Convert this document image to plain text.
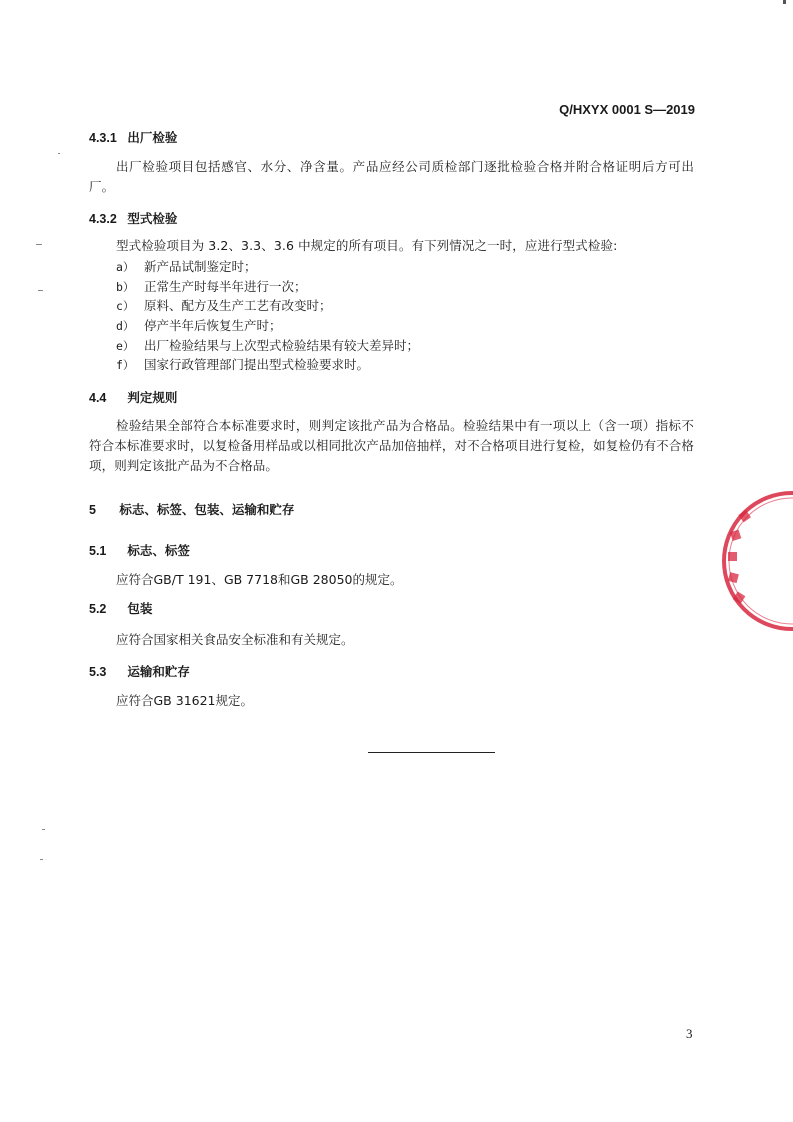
Q/HXYX 0001 S—2019
4.3.1 出厂检验
出厂检验项目包括感官、水分、净含量。产品应经公司质检部门逐批检验合格并附合格证明后方可出厂。
4.3.2 型式检验
型式检验项目为 3.2、3.3、3.6 中规定的所有项目。有下列情况之一时，应进行型式检验:
a） 新产品试制鉴定时；
b） 正常生产时每半年进行一次；
c） 原料、配方及生产工艺有改变时；
d） 停产半年后恢复生产时；
e） 出厂检验结果与上次型式检验结果有较大差异时；
f） 国家行政管理部门提出型式检验要求时。
4.4 判定规则
检验结果全部符合本标准要求时，则判定该批产品为合格品。检验结果中有一项以上（含一项）指标不符合本标准要求时，以复检备用样品或以相同批次产品加倍抽样，对不合格项目进行复检，如复检仍有不合格项，则判定该批产品为不合格品。
5 标志、标签、包装、运输和贮存
5.1 标志、标签
应符合GB/T 191、GB 7718和GB 28050的规定。
5.2 包装
应符合国家相关食品安全标准和有关规定。
5.3 运输和贮存
应符合GB 31621规定。
3
